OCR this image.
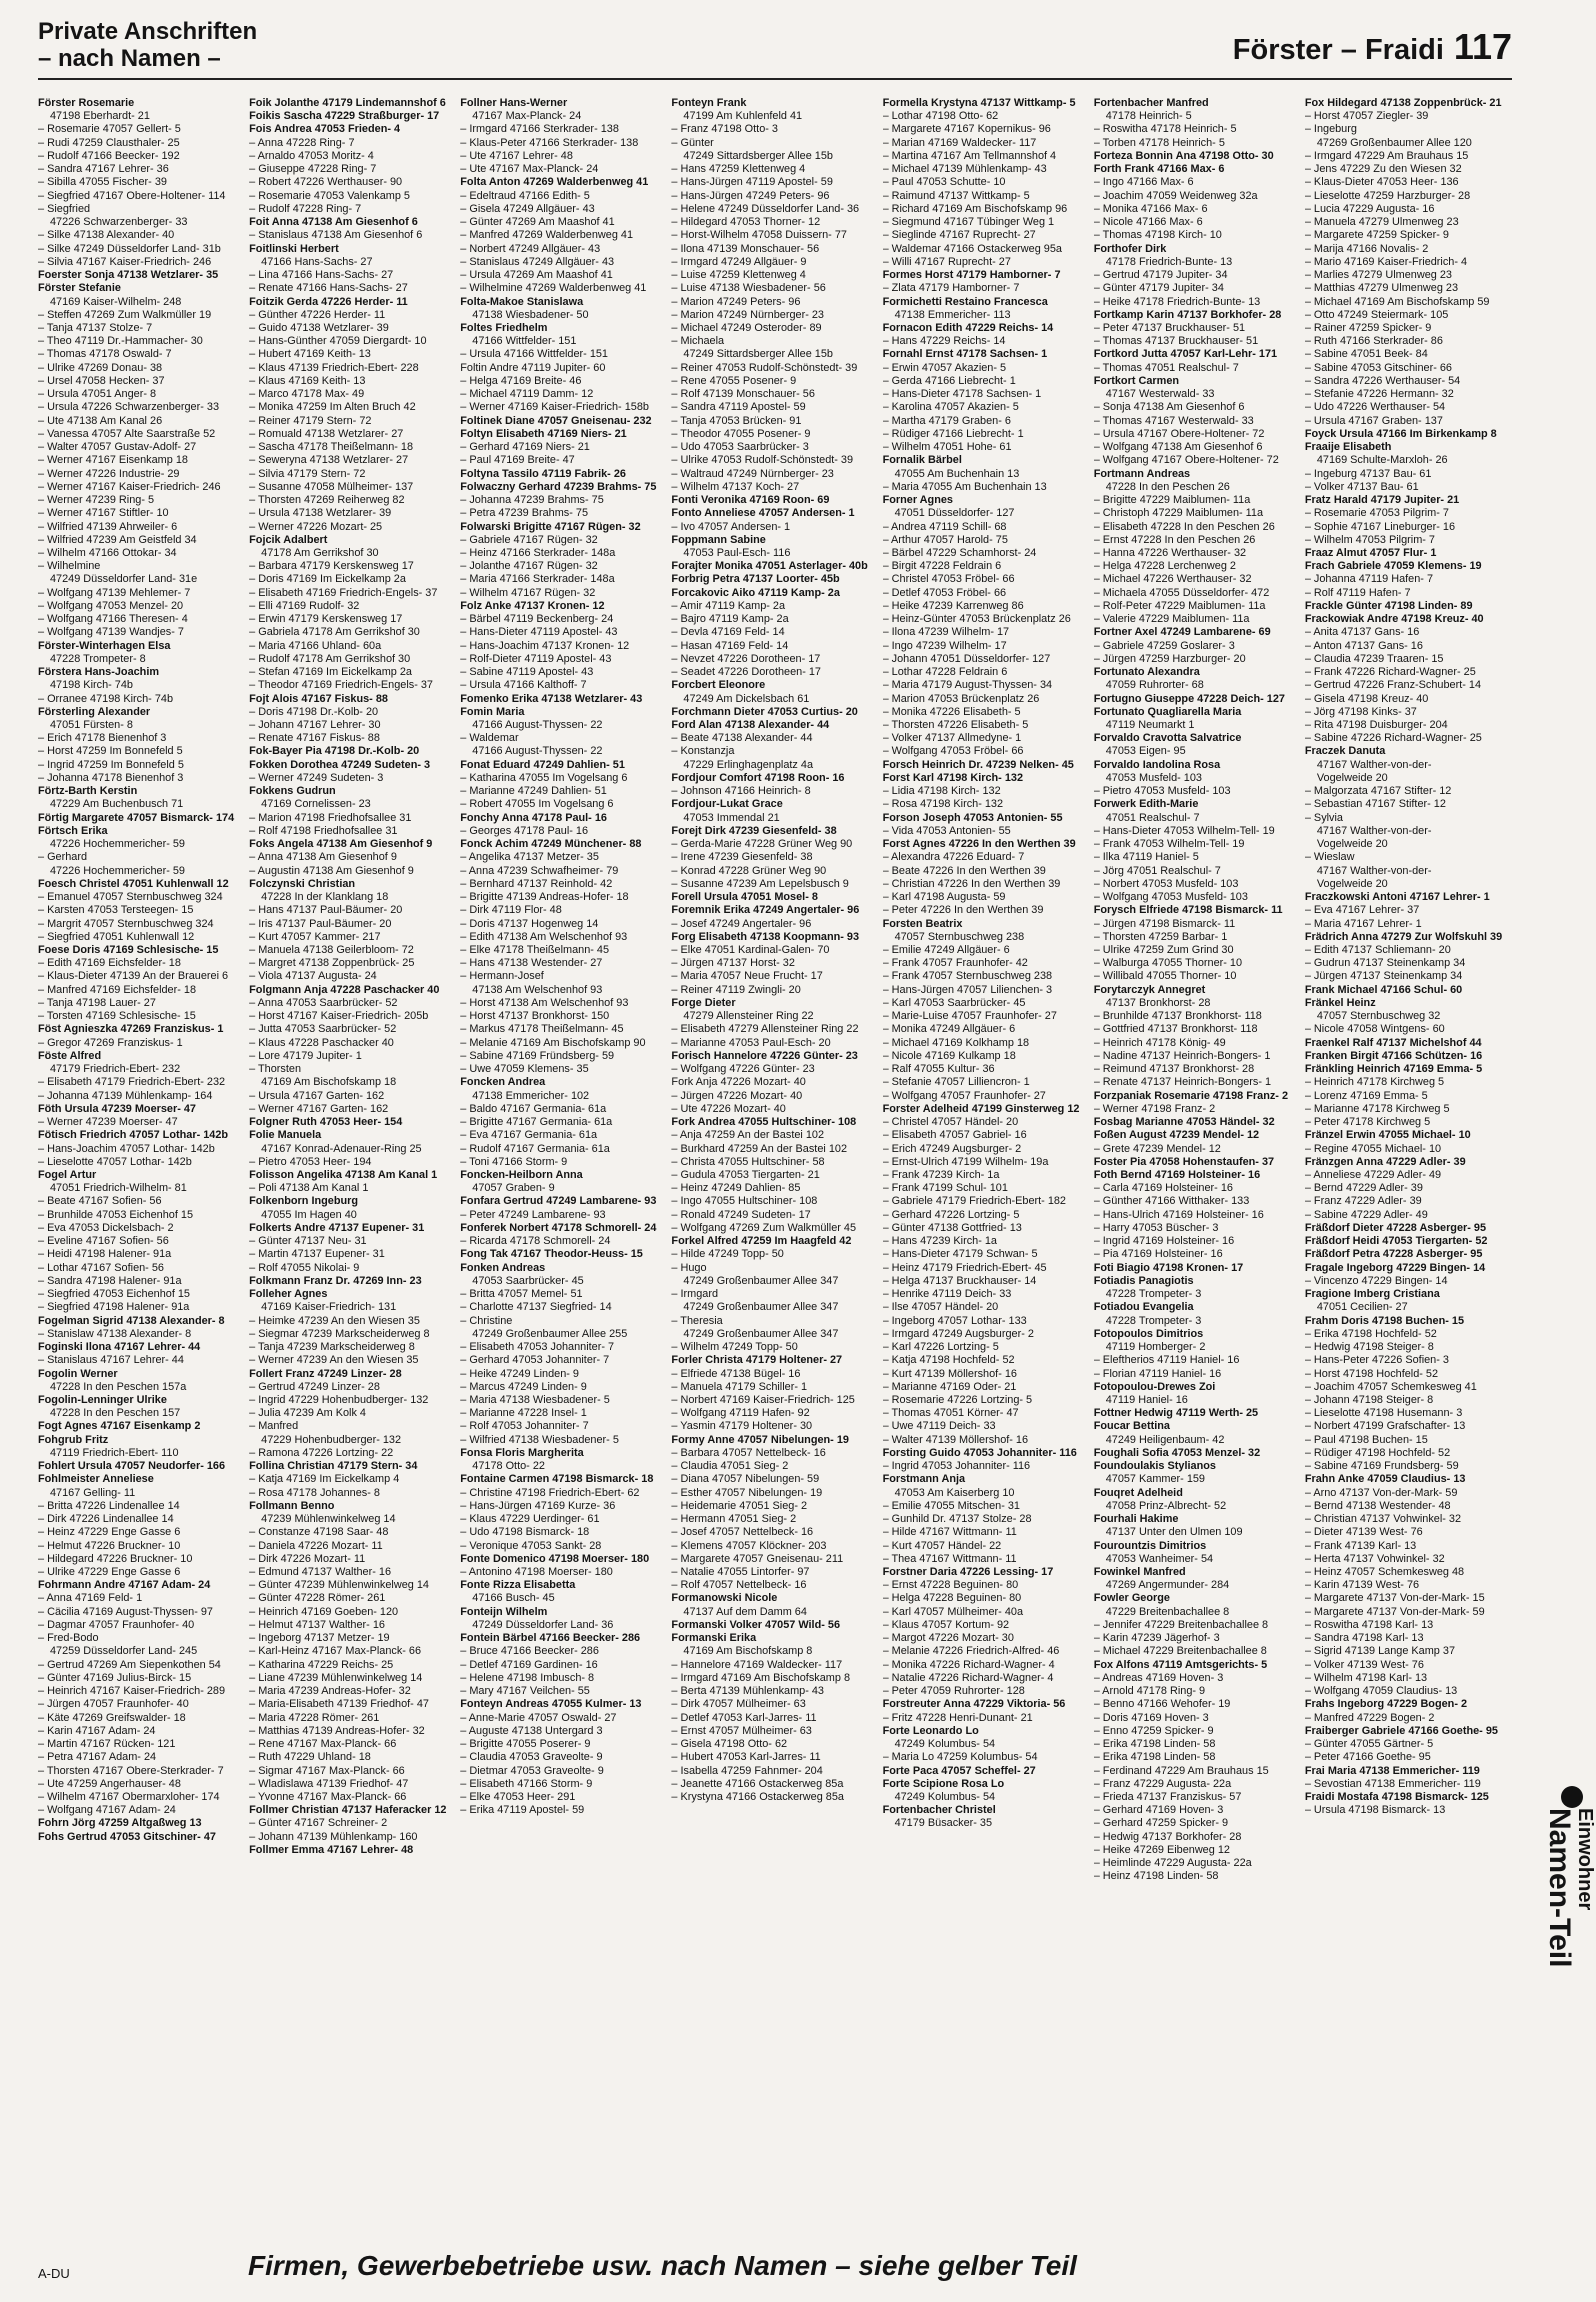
Private Anschriften
– nach Namen –	Förster – Fraidi 117
Förster Rosemarie
47198 Eberhardt- 21
– Rosemarie 47057 Gellert- 5
– Rudi 47259 Clausthaler- 25
– Rudolf 47166 Beecker- 192
– Sandra 47167 Lehrer- 36
– Sibilla 47055 Fischer- 39
– Siegfried 47167 Obere-Holtener- 114
– Siegfried
47226 Schwarzenberger- 33
– Silke 47138 Alexander- 40
– Silke 47249 Düsseldorfer Land- 31b
– Silvia 47167 Kaiser-Friedrich- 246
Foerster Sonja 47138 Wetzlarer- 35
Förster Stefanie
47169 Kaiser-Wilhelm- 248
– Steffen 47269 Zum Walkmüller 19
– Tanja 47137 Stolze- 7
– Theo 47119 Dr.-Hammacher- 30
– Thomas 47178 Oswald- 7
– Ulrike 47269 Donau- 38
– Ursel 47058 Hecken- 37
– Ursula 47051 Anger- 8
– Ursula 47226 Schwarzenberger- 33
– Ute 47138 Am Kanal 26
– Vanessa 47057 Alte Saarstraße 52
– Walter 47057 Gustav-Adolf- 27
– Werner 47167 Eisenkamp 18
– Werner 47226 Industrie- 29
– Werner 47167 Kaiser-Friedrich- 246
– Werner 47239 Ring- 5
– Werner 47167 Stiftler- 10
– Wilfried 47139 Ahrweiler- 6
– Wilfried 47239 Am Geistfeld 34
– Wilhelm 47166 Ottokar- 34
– Wilhelmine
47249 Düsseldorfer Land- 31e
– Wolfgang 47139 Mehlemer- 7
– Wolfgang 47053 Menzel- 20
– Wolfgang 47166 Theresen- 4
– Wolfgang 47139 Wandjes- 7
Förster-Winterhagen Elsa
47228 Trompeter- 8
Förstera Hans-Joachim
47198 Kirch- 74b
– Orranee 47198 Kirch- 74b
Försterling Alexander
47051 Fürsten- 8
– Erich 47178 Bienenhof 3
– Horst 47259 Im Bonnefeld 5
– Ingrid 47259 Im Bonnefeld 5
– Johanna 47178 Bienenhof 3
Förtz-Barth Kerstin
47229 Am Buchenbusch 71
Förtig Margarete 47057 Bismarck- 174
Förtsch Erika
47226 Hochemmericher- 59
– Gerhard
47226 Hochemmericher- 59
Foesch Christel 47051 Kuhlenwall 12
– Emanuel 47057 Sternbuschweg 324
– Karsten 47053 Tersteegen- 15
– Margrit 47057 Sternbuschweg 324
– Siegfried 47051 Kuhlenwall 12
Foese Doris 47169 Schlesische- 15
– Edith 47169 Eichsfelder- 18
– Klaus-Dieter 47139 An der Brauerei 6
– Manfred 47169 Eichsfelder- 18
– Tanja 47198 Lauer- 27
– Torsten 47169 Schlesische- 15
Föst Agnieszka 47269 Franziskus- 1
– Gregor 47269 Franziskus- 1
Föste Alfred
47179 Friedrich-Ebert- 232
– Elisabeth 47179 Friedrich-Ebert- 232
– Johanna 47139 Mühlenkamp- 164
Föth Ursula 47239 Moerser- 47
– Werner 47239 Moerser- 47
Fötisch Friedrich 47057 Lothar- 142b
– Hans-Joachim 47057 Lothar- 142b
– Lieselotte 47057 Lothar- 142b
Fogel Artur
47051 Friedrich-Wilhelm- 81
– Beate 47167 Sofien- 56
– Brunhilde 47053 Eichenhof 15
– Eva 47053 Dickelsbach- 2
– Eveline 47167 Sofien- 56
– Heidi 47198 Halener- 91a
– Lothar 47167 Sofien- 56
– Sandra 47198 Halener- 91a
– Siegfried 47053 Eichenhof 15
– Siegfried 47198 Halener- 91a
Fogelman Sigrid 47138 Alexander- 8
– Stanislaw 47138 Alexander- 8
Foginski Ilona 47167 Lehrer- 44
– Stanislaus 47167 Lehrer- 44
Fogolin Werner
47228 In den Peschen 157a
Fogolin-Lenninger Ulrike
47228 In den Peschen 157
Fogt Agnes 47167 Eisenkamp 2
Fohgrub Fritz
47119 Friedrich-Ebert- 110
Fohlert Ursula 47057 Neudorfer- 166
Fohlmeister Anneliese
47167 Gelling- 11
– Britta 47226 Lindenallee 14
– Dirk 47226 Lindenallee 14
– Heinz 47229 Enge Gasse 6
– Helmut 47226 Bruckner- 10
– Hildegard 47226 Bruckner- 10
– Ulrike 47229 Enge Gasse 6
Fohrmann Andre 47167 Adam- 24
– Anna 47169 Feld- 1
– Cäcilia 47169 August-Thyssen- 97
– Dagmar 47057 Fraunhofer- 40
– Fred-Bodo
47259 Düsseldorfer Land- 245
– Gertrud 47269 Am Siepenkothen 54
– Günter 47169 Julius-Birck- 15
– Heinrich 47167 Kaiser-Friedrich- 289
– Jürgen 47057 Fraunhofer- 40
– Käte 47269 Greifswalder- 18
– Karin 47167 Adam- 24
– Martin 47167 Rücken- 121
– Petra 47167 Adam- 24
– Thorsten 47167 Obere-Sterkrader- 7
– Ute 47259 Angerhauser- 48
– Wilhelm 47167 Obermarxloher- 174
– Wolfgang 47167 Adam- 24
Fohrn Jörg 47259 Altgaßweg 13
Fohs Gertrud 47053 Gitschiner- 47
Foik Jolanthe 47179 Lindemannshof 6
Foikis Sascha 47229 Straßburger- 17
Fois Andrea 47053 Frieden- 4
– Anna 47228 Ring- 7
– Arnaldo 47053 Moritz- 4
– Giuseppe 47228 Ring- 7
– Robert 47226 Werthauser- 90
– Rosemarie 47053 Valenkamp 5
– Rudolf 47228 Ring- 7
Foit Anna 47138 Am Giesenhof 6
– Stanislaus 47138 Am Giesenhof 6
Foitlinski Herbert
47166 Hans-Sachs- 27
– Lina 47166 Hans-Sachs- 27
– Renate 47166 Hans-Sachs- 27
Foitzik Gerda 47226 Herder- 11
– Günther 47226 Herder- 11
– Guido 47138 Wetzlarer- 39
– Hans-Günther 47059 Diergardt- 10
– Hubert 47169 Keith- 13
– Klaus 47139 Friedrich-Ebert- 228
– Klaus 47169 Keith- 13
– Marco 47178 Max- 49
– Monika 47259 Im Alten Bruch 42
– Reiner 47179 Stern- 72
– Romuald 47138 Wetzlarer- 27
– Sascha 47178 Theißelmann- 18
– Seweryna 47138 Wetzlarer- 27
– Silvia 47179 Stern- 72
– Susanne 47058 Mülheimer- 137
– Thorsten 47269 Reiherweg 82
– Ursula 47138 Wetzlarer- 39
– Werner 47226 Mozart- 25
Fojcik Adalbert
47178 Am Gerrikshof 30
– Barbara 47179 Kerskensweg 17
– Doris 47169 Im Eickelkamp 2a
– Elisabeth 47169 Friedrich-Engels- 37
– Elli 47169 Rudolf- 32
– Erwin 47179 Kerskensweg 17
– Gabriela 47178 Am Gerrikshof 30
– Maria 47166 Uhland- 60a
– Rudolf 47178 Am Gerrikshof 30
– Stefan 47169 Im Eickelkamp 2a
– Theodor 47169 Friedrich-Engels- 37
Fojt Alois 47167 Fiskus- 88
– Doris 47198 Dr.-Kolb- 20
– Johann 47167 Lehrer- 30
– Renate 47167 Fiskus- 88
Fok-Bayer Pia 47198 Dr.-Kolb- 20
Fokken Dorothea 47249 Sudeten- 3
– Werner 47249 Sudeten- 3
Fokkens Gudrun
47169 Cornelissen- 23
– Marion 47198 Friedhofsallee 31
– Rolf 47198 Friedhofsallee 31
Foks Angela 47138 Am Giesenhof 9
– Anna 47138 Am Giesenhof 9
– Augustin 47138 Am Giesenhof 9
Folczynski Christian
47228 In der Klanklang 18
– Hans 47137 Paul-Bäumer- 20
– Iris 47137 Paul-Bäumer- 20
– Kurt 47057 Kammer- 217
– Manuela 47138 Geilerbloom- 72
– Margret 47138 Zoppenbrück- 25
– Viola 47137 Augusta- 24
Folgmann Anja 47228 Paschacker 40
– Anna 47053 Saarbrücker- 52
– Horst 47167 Kaiser-Friedrich- 205b
– Jutta 47053 Saarbrücker- 52
– Klaus 47228 Paschacker 40
– Lore 47179 Jupiter- 1
– Thorsten
47169 Am Bischofskamp 18
– Ursula 47167 Garten- 162
– Werner 47167 Garten- 162
Folgner Ruth 47053 Heer- 154
Folie Manuela
47167 Konrad-Adenauer-Ring 25
– Pietro 47053 Heer- 194
Folisson Angelika 47138 Am Kanal 1
– Poli 47138 Am Kanal 1
Folkenborn Ingeburg
47055 Im Hagen 40
Folkerts Andre 47137 Eupener- 31
– Günter 47137 Neu- 31
– Martin 47137 Eupener- 31
– Rolf 47055 Nikolai- 9
Folkmann Franz Dr. 47269 Inn- 23
Folleher Agnes
47169 Kaiser-Friedrich- 131
– Heimke 47239 An den Wiesen 35
– Siegmar 47239 Markscheiderweg 8
– Tanja 47239 Markscheiderweg 8
– Werner 47239 An den Wiesen 35
Follert Franz 47249 Linzer- 28
– Gertrud 47249 Linzer- 28
– Ingrid 47229 Hohenbudberger- 132
– Julia 47239 Am Kolk 4
– Manfred
47229 Hohenbudberger- 132
– Ramona 47226 Lortzing- 22
Follina Christian 47179 Stern- 34
– Katja 47169 Im Eickelkamp 4
– Rosa 47178 Johannes- 8
Follmann Benno
47239 Mühlenwinkelweg 14
– Constanze 47198 Saar- 48
– Daniela 47226 Mozart- 11
– Dirk 47226 Mozart- 11
– Edmund 47137 Walther- 16
– Günter 47239 Mühlenwinkelweg 14
– Günter 47228 Römer- 261
– Heinrich 47169 Goeben- 120
– Helmut 47137 Walther- 16
– Ingeborg 47137 Metzer- 19
– Karl-Heinz 47167 Max-Planck- 66
– Katharina 47229 Reichs- 25
– Liane 47239 Mühlenwinkelweg 14
– Maria 47239 Andreas-Hofer- 32
– Maria-Elisabeth 47139 Friedhof- 47
– Maria 47228 Römer- 261
– Matthias 47139 Andreas-Hofer- 32
– Rene 47167 Max-Planck- 66
– Ruth 47229 Uhland- 18
– Sigmar 47167 Max-Planck- 66
– Wladislawa 47139 Friedhof- 47
– Yvonne 47167 Max-Planck- 66
Follmer Christian 47137 Haferacker 12
– Günter 47167 Schreiner- 2
– Johann 47139 Mühlenkamp- 160
Follmer Emma 47167 Lehrer- 48
Follner Hans-Werner
47167 Max-Planck- 24
– Irmgard 47166 Sterkrader- 138
– Klaus-Peter 47166 Sterkrader- 138
– Ute 47167 Lehrer- 48
– Ute 47167 Max-Planck- 24
Folta Anton 47269 Walderbenweg 41
– Edeltraud 47166 Edith- 5
– Gisela 47249 Allgäuer- 43
– Günter 47269 Am Maashof 41
– Manfred 47269 Walderbenweg 41
– Norbert 47249 Allgäuer- 43
– Stanislaus 47249 Allgäuer- 43
– Ursula 47269 Am Maashof 41
– Wilhelmine 47269 Walderbenweg 41
Folta-Makoe Stanislawa
47138 Wiesbadener- 50
Foltes Friedhelm
47166 Wittfelder- 151
– Ursula 47166 Wittfelder- 151
Foltin Andre 47119 Jupiter- 60
– Helga 47169 Breite- 46
– Michael 47119 Damm- 12
– Werner 47169 Kaiser-Friedrich- 158b
Foltinek Diane 47057 Gneisenau- 232
Foltyn Elisabeth 47169 Niers- 21
– Gerhard 47169 Niers- 21
– Paul 47169 Breite- 47
Foltyna Tassilo 47119 Fabrik- 26
Folwaczny Gerhard 47239 Brahms- 75
– Johanna 47239 Brahms- 75
– Petra 47239 Brahms- 75
Folwarski Brigitte 47167 Rügen- 32
– Gabriele 47167 Rügen- 32
– Heinz 47166 Sterkrader- 148a
– Jolanthe 47167 Rügen- 32
– Maria 47166 Sterkrader- 148a
– Wilhelm 47167 Rügen- 32
Folz Anke 47137 Kronen- 12
– Bärbel 47119 Beckenberg- 24
– Hans-Dieter 47119 Apostel- 43
– Hans-Joachim 47137 Kronen- 12
– Rolf-Dieter 47119 Apostel- 43
– Sabine 47119 Apostel- 43
– Ursula 47166 Kalthoff- 7
Fomenko Erika 47138 Wetzlarer- 43
Fomin Maria
47166 August-Thyssen- 22
– Waldemar
47166 August-Thyssen- 22
Fonat Eduard 47249 Dahlien- 51
– Katharina 47055 Im Vogelsang 6
– Marianne 47249 Dahlien- 51
– Robert 47055 Im Vogelsang 6
Fonchy Anna 47178 Paul- 16
– Georges 47178 Paul- 16
Fonck Achim 47249 Münchener- 88
– Angelika 47137 Metzer- 35
– Anna 47239 Schwafheimer- 79
– Bernhard 47137 Reinhold- 42
– Brigitte 47139 Andreas-Hofer- 18
– Dirk 47119 Flor- 48
– Doris 47137 Hogenweg 14
– Edith 47138 Am Welschenhof 93
– Elke 47178 Theißelmann- 45
– Hans 47138 Westender- 27
– Hermann-Josef
47138 Am Welschenhof 93
– Horst 47138 Am Welschenhof 93
– Horst 47137 Bronkhorst- 150
– Markus 47178 Theißelmann- 45
– Melanie 47169 Am Bischofskamp 90
– Sabine 47169 Fründsberg- 59
– Uwe 47059 Klemens- 35
Foncken Andrea
47138 Emmericher- 102
– Baldo 47167 Germania- 61a
– Brigitte 47167 Germania- 61a
– Eva 47167 Germania- 61a
– Rudolf 47167 Germania- 61a
– Toni 47166 Storm- 9
Foncken-Heilborn Anna
47057 Graben- 9
Fonfara Gertrud 47249 Lambarene- 93
– Peter 47249 Lambarene- 93
Fonferek Norbert 47178 Schmorell- 24
– Ricarda 47178 Schmorell- 24
Fong Tak 47167 Theodor-Heuss- 15
Fonken Andreas
47053 Saarbrücker- 45
– Britta 47057 Memel- 51
– Charlotte 47137 Siegfried- 14
– Christine
47249 Großenbaumer Allee 255
– Elisabeth 47053 Johanniter- 7
– Gerhard 47053 Johanniter- 7
– Heike 47249 Linden- 9
– Marcus 47249 Linden- 9
– Maria 47138 Wiesbadener- 5
– Marianne 47228 Insel- 1
– Rolf 47053 Johanniter- 7
– Wilfried 47138 Wiesbadener- 5
Fonsa Floris Margherita
47178 Otto- 22
Fontaine Carmen 47198 Bismarck- 18
– Christine 47198 Friedrich-Ebert- 62
– Hans-Jürgen 47169 Kurze- 36
– Klaus 47229 Uerdinger- 61
– Udo 47198 Bismarck- 18
– Veronique 47053 Sankt- 28
Fonte Domenico 47198 Moerser- 180
– Antonino 47198 Moerser- 180
Fonte Rizza Elisabetta
47166 Busch- 45
Fonteijn Wilhelm
47249 Düsseldorfer Land- 36
Fontein Bärbel 47166 Beecker- 286
– Bruce 47166 Beecker- 286
– Detlef 47169 Gardinen- 16
– Helene 47198 Imbusch- 8
– Mary 47167 Veilchen- 55
Fonteyn Andreas 47055 Kulmer- 13
– Anne-Marie 47057 Oswald- 27
– Auguste 47138 Untergard 3
– Brigitte 47055 Poserer- 9
– Claudia 47053 Graveolte- 9
– Dietmar 47053 Graveolte- 9
– Elisabeth 47166 Storm- 9
– Elke 47053 Heer- 291
– Erika 47119 Apostel- 59
Fonteyn Frank
47199 Am Kuhlenfeld 41
– Franz 47198 Otto- 3
– Günter
47249 Sittardsberger Allee 15b
– Hans 47259 Klettenweg 4
– Hans-Jürgen 47119 Apostel- 59
– Hans-Jürgen 47249 Peters- 96
– Helene 47249 Düsseldorfer Land- 36
– Hildegard 47053 Thorner- 12
– Horst-Wilhelm 47058 Duissern- 77
– Ilona 47139 Monschauer- 56
– Irmgard 47249 Allgäuer- 9
– Luise 47259 Klettenweg 4
– Luise 47138 Wiesbadener- 56
– Marion 47249 Peters- 96
– Marion 47249 Nürnberger- 23
– Michael 47249 Osteroder- 89
– Michaela
47249 Sittardsberger Allee 15b
– Reiner 47053 Rudolf-Schönstedt- 39
– Rene 47055 Posener- 9
– Rolf 47139 Monschauer- 56
– Sandra 47119 Apostel- 59
– Tanja 47053 Brücken- 91
– Theodor 47055 Posener- 9
– Udo 47053 Saarbrücker- 3
– Ulrike 47053 Rudolf-Schönstedt- 39
– Waltraud 47249 Nürnberger- 23
– Wilhelm 47137 Koch- 27
Fonti Veronika 47169 Roon- 69
Fonto Anneliese 47057 Andersen- 1
– Ivo 47057 Andersen- 1
Foppmann Sabine
47053 Paul-Esch- 116
Forajter Monika 47051 Asterlager- 40b
Forbrig Petra 47137 Loorter- 45b
Forcakovic Aiko 47119 Kamp- 2a
– Amir 47119 Kamp- 2a
– Bajro 47119 Kamp- 2a
– Devla 47169 Feld- 14
– Hasan 47169 Feld- 14
– Nevzet 47226 Dorotheen- 17
– Seadet 47226 Dorotheen- 17
Forcbert Eleonore
47249 Am Dickelsbach 61
Forchmann Dieter 47053 Curtius- 20
Ford Alan 47138 Alexander- 44
– Beate 47138 Alexander- 44
– Konstanzja
47229 Erlinghagenplatz 4a
Fordjour Comfort 47198 Roon- 16
– Johnson 47166 Heinrich- 8
Fordjour-Lukat Grace
47053 Immendal 21
Forejt Dirk 47239 Giesenfeld- 38
– Gerda-Marie 47228 Grüner Weg 90
– Irene 47239 Giesenfeld- 38
– Konrad 47228 Grüner Weg 90
– Susanne 47239 Am Lepelsbusch 9
Forell Ursula 47051 Mosel- 8
Foremnik Erika 47249 Angertaler- 96
– Josef 47249 Angertaler- 96
Forg Elisabeth 47138 Koopmann- 93
– Elke 47051 Kardinal-Galen- 70
– Jürgen 47137 Horst- 32
– Maria 47057 Neue Frucht- 17
– Reiner 47119 Zwingli- 20
Forge Dieter
47279 Allensteiner Ring 22
– Elisabeth 47279 Allensteiner Ring 22
– Marianne 47053 Paul-Esch- 20
Forisch Hannelore 47226 Günter- 23
– Wolfgang 47226 Günter- 23
Fork Anja 47226 Mozart- 40
– Jürgen 47226 Mozart- 40
– Ute 47226 Mozart- 40
Fork Andrea 47055 Hultschiner- 108
– Anja 47259 An der Bastei 102
– Burkhard 47259 An der Bastei 102
– Christa 47055 Hultschiner- 58
– Gudula 47053 Tiergarten- 21
– Heinz 47249 Dahlien- 85
– Ingo 47055 Hultschiner- 108
– Ronald 47249 Sudeten- 17
– Wolfgang 47269 Zum Walkmüller 45
Forkel Alfred 47259 Im Haagfeld 42
– Hilde 47249 Topp- 50
– Hugo
47249 Großenbaumer Allee 347
– Irmgard
47249 Großenbaumer Allee 347
– Theresia
47249 Großenbaumer Allee 347
– Wilhelm 47249 Topp- 50
Forler Christa 47179 Holtener- 27
– Elfriede 47138 Bügel- 16
– Manuela 47179 Schiller- 1
– Norbert 47169 Kaiser-Friedrich- 125
– Wolfgang 47119 Hafen- 92
– Yasmin 47179 Holtener- 30
Formy Anne 47057 Nibelungen- 19
– Barbara 47057 Nettelbeck- 16
– Claudia 47051 Sieg- 2
– Diana 47057 Nibelungen- 59
– Esther 47057 Nibelungen- 19
– Heidemarie 47051 Sieg- 2
– Hermann 47051 Sieg- 2
– Josef 47057 Nettelbeck- 16
– Klemens 47057 Klöckner- 203
– Margarete 47057 Gneisenau- 211
– Natalie 47055 Lintorfer- 97
– Rolf 47057 Nettelbeck- 16
Formanowski Nicole
47137 Auf dem Damm 64
Formanski Volker 47057 Wild- 56
Formanski Erika
47169 Am Bischofskamp 8
– Hannelore 47169 Waldecker- 117
– Irmgard 47169 Am Bischofskamp 8
– Berta 47139 Mühlenkamp- 43
– Dirk 47057 Mülheimer- 63
– Detlef 47053 Karl-Jarres- 11
– Ernst 47057 Mülheimer- 63
– Gisela 47198 Otto- 62
– Hubert 47053 Karl-Jarres- 11
– Isabella 47259 Fahnmer- 204
– Jeanette 47166 Ostackerweg 85a
– Krystyna 47166 Ostackerweg 85a
Formella Krystyna 47137 Wittkamp- 5
– Lothar 47198 Otto- 62
– Margarete 47167 Kopernikus- 96
– Marian 47169 Waldecker- 117
– Martina 47167 Am Tellmannshof 4
– Michael 47139 Mühlenkamp- 43
– Paul 47053 Schutte- 10
– Raimund 47137 Wittkamp- 5
– Richard 47169 Am Bischofskamp 96
– Siegmund 47167 Tübinger Weg 1
– Sieglinde 47167 Ruprecht- 27
– Waldemar 47166 Ostackerweg 95a
– Willi 47167 Ruprecht- 27
Formes Horst 47179 Hamborner- 7
– Zlata 47179 Hamborner- 7
Formichetti Restaino Francesca
47138 Emmericher- 113
Fornacon Edith 47229 Reichs- 14
– Hans 47229 Reichs- 14
Fornahl Ernst 47178 Sachsen- 1
– Erwin 47057 Akazien- 5
– Gerda 47166 Liebrecht- 1
– Hans-Dieter 47178 Sachsen- 1
– Karolina 47057 Akazien- 5
– Martha 47179 Graben- 6
– Rüdiger 47166 Liebrecht- 1
– Wilhelm 47051 Hohe- 61
Fornalik Bärbel
47055 Am Buchenhain 13
– Maria 47055 Am Buchenhain 13
Forner Agnes
47051 Düsseldorfer- 127
– Andrea 47119 Schill- 68
– Arthur 47057 Harold- 75
– Bärbel 47229 Schamhorst- 24
– Birgit 47228 Feldrain 6
– Christel 47053 Fröbel- 66
– Detlef 47053 Fröbel- 66
– Heike 47239 Karrenweg 86
– Heinz-Günter 47053 Brückenplatz 26
– Ilona 47239 Wilhelm- 17
– Ingo 47239 Wilhelm- 17
– Johann 47051 Düsseldorfer- 127
– Lothar 47228 Feldrain 6
– Maria 47179 August-Thyssen- 34
– Marion 47053 Brückenplatz 26
– Monika 47226 Elisabeth- 5
– Thorsten 47226 Elisabeth- 5
– Volker 47137 Allmedyne- 1
– Wolfgang 47053 Fröbel- 66
Forsch Heinrich Dr. 47239 Nelken- 45
Forst Karl 47198 Kirch- 132
– Lidia 47198 Kirch- 132
– Rosa 47198 Kirch- 132
Forson Joseph 47053 Antonien- 55
– Vida 47053 Antonien- 55
Forst Agnes 47226 In den Werthen 39
– Alexandra 47226 Eduard- 7
– Beate 47226 In den Werthen 39
– Christian 47226 In den Werthen 39
– Karl 47198 Augusta- 59
– Peter 47226 In den Werthen 39
Forsten Beatrix
47057 Sternbuschweg 238
– Emilie 47249 Allgäuer- 6
– Frank 47057 Fraunhofer- 42
– Frank 47057 Sternbuschweg 238
– Hans-Jürgen 47057 Lilienchen- 3
– Karl 47053 Saarbrücker- 45
– Marie-Luise 47057 Fraunhofer- 27
– Monika 47249 Allgäuer- 6
– Michael 47169 Kolkhamp 18
– Nicole 47169 Kulkamp 18
– Ralf 47055 Kultur- 36
– Stefanie 47057 Lilliencron- 1
– Wolfgang 47057 Fraunhofer- 27
Forster Adelheid 47199 Ginsterweg 12
– Christel 47057 Händel- 20
– Elisabeth 47057 Gabriel- 16
– Erich 47249 Augsburger- 2
– Ernst-Ulrich 47199 Wilhelm- 19a
– Frank 47239 Kirch- 1a
– Frank 47199 Schul- 101
– Gabriele 47179 Friedrich-Ebert- 182
– Gerhard 47226 Lortzing- 5
– Günter 47138 Gottfried- 13
– Hans 47239 Kirch- 1a
– Hans-Dieter 47179 Schwan- 5
– Heinz 47179 Friedrich-Ebert- 45
– Helga 47137 Bruckhauser- 14
– Henrike 47119 Deich- 33
– Ilse 47057 Händel- 20
– Ingeborg 47057 Lothar- 133
– Irmgard 47249 Augsburger- 2
– Karl 47226 Lortzing- 5
– Katja 47198 Hochfeld- 52
– Kurt 47139 Möllershof- 16
– Marianne 47169 Oder- 21
– Rosemarie 47226 Lortzing- 5
– Thomas 47051 Körner- 47
– Uwe 47119 Deich- 33
– Walter 47139 Möllershof- 16
Forsting Guido 47053 Johanniter- 116
– Ingrid 47053 Johanniter- 116
Forstmann Anja
47053 Am Kaiserberg 10
– Emilie 47055 Mitschen- 31
– Gunhild Dr. 47137 Stolze- 28
– Hilde 47167 Wittmann- 11
– Kurt 47057 Händel- 22
– Thea 47167 Wittmann- 11
Forstner Daria 47226 Lessing- 17
– Ernst 47228 Beguinen- 80
– Helga 47228 Beguinen- 80
– Karl 47057 Mülheimer- 40a
– Klaus 47057 Kortum- 92
– Margot 47226 Mozart- 30
– Melanie 47226 Friedrich-Alfred- 46
– Monika 47226 Richard-Wagner- 4
– Natalie 47226 Richard-Wagner- 4
– Peter 47059 Ruhrorter- 128
Forstreuter Anna 47229 Viktoria- 56
– Fritz 47228 Henri-Dunant- 21
Forte Leonardo Lo
47249 Kolumbus- 54
– Maria Lo 47259 Kolumbus- 54
Forte Paca 47057 Scheffel- 27
Forte Scipione Rosa Lo
47249 Kolumbus- 54
Fortenbacher Christel
47179 Büsacker- 35
Fortenbacher Manfred
47178 Heinrich- 5
– Roswitha 47178 Heinrich- 5
– Torben 47178 Heinrich- 5
Forteza Bonnin Ana 47198 Otto- 30
Forth Frank 47166 Max- 6
– Ingo 47166 Max- 6
– Joachim 47059 Weidenweg 32a
– Monika 47166 Max- 6
– Nicole 47166 Max- 6
– Thomas 47198 Kirch- 10
Forthofer Dirk
47178 Friedrich-Bunte- 13
– Gertrud 47179 Jupiter- 34
– Günter 47179 Jupiter- 34
– Heike 47178 Friedrich-Bunte- 13
Fortkamp Karin 47137 Borkhofer- 28
– Peter 47137 Bruckhauser- 51
– Thomas 47137 Bruckhauser- 51
Fortkord Jutta 47057 Karl-Lehr- 171
– Thomas 47051 Realschul- 7
Fortkort Carmen
47167 Westerwald- 33
– Sonja 47138 Am Giesenhof 6
– Thomas 47167 Westerwald- 33
– Ursula 47167 Obere-Holtener- 72
– Wolfgang 47138 Am Giesenhof 6
– Wolfgang 47167 Obere-Holtener- 72
Fortmann Andreas
47228 In den Peschen 26
– Brigitte 47229 Maiblumen- 11a
– Christoph 47229 Maiblumen- 11a
– Elisabeth 47228 In den Peschen 26
– Ernst 47228 In den Peschen 26
– Hanna 47226 Werthauser- 32
– Helga 47228 Lerchenweg 2
– Michael 47226 Werthauser- 32
– Michaela 47055 Düsseldorfer- 472
– Rolf-Peter 47229 Maiblumen- 11a
– Valerie 47229 Maiblumen- 11a
Fortner Axel 47249 Lambarene- 69
– Gabriele 47259 Goslarer- 3
– Jürgen 47259 Harzburger- 20
Fortunato Alexandra
47059 Ruhrorter- 68
Fortugno Giuseppe 47228 Deich- 127
Fortunato Quagliarella Maria
47119 Neumarkt 1
Forvaldo Cravotta Salvatrice
47053 Eigen- 95
Forvaldo Iandolina Rosa
47053 Musfeld- 103
– Pietro 47053 Musfeld- 103
Forwerk Edith-Marie
47051 Realschul- 7
– Hans-Dieter 47053 Wilhelm-Tell- 19
– Frank 47053 Wilhelm-Tell- 19
– Ilka 47119 Haniel- 5
– Jörg 47051 Realschul- 7
– Norbert 47053 Musfeld- 103
– Wolfgang 47053 Musfeld- 103
Forysch Elfriede 47198 Bismarck- 11
– Jürgen 47198 Bismarck- 11
– Thorsten 47259 Barbar- 1
– Ulrike 47259 Zum Grind 30
– Walburga 47055 Thorner- 10
– Willibald 47055 Thorner- 10
Forytarczyk Annegret
47137 Bronkhorst- 28
– Brunhilde 47137 Bronkhorst- 118
– Gottfried 47137 Bronkhorst- 118
– Heinrich 47178 König- 49
– Nadine 47137 Heinrich-Bongers- 1
– Reimund 47137 Bronkhorst- 28
– Renate 47137 Heinrich-Bongers- 1
Forzpaniak Rosemarie 47198 Franz- 2
– Werner 47198 Franz- 2
Fosbag Marianne 47053 Händel- 32
Foßen August 47239 Mendel- 12
– Grete 47239 Mendel- 12
Foster Pia 47058 Hohenstaufen- 37
Foth Bernd 47169 Holsteiner- 16
– Carla 47169 Holsteiner- 16
– Günther 47166 Witthaker- 133
– Hans-Ulrich 47169 Holsteiner- 16
– Harry 47053 Büscher- 3
– Ingrid 47169 Holsteiner- 16
– Pia 47169 Holsteiner- 16
Foti Biagio 47198 Kronen- 17
Fotiadis Panagiotis
47228 Trompeter- 3
Fotiadou Evangelia
47228 Trompeter- 3
Fotopoulos Dimitrios
47119 Homberger- 2
– Eleftherios 47119 Haniel- 16
– Florian 47119 Haniel- 16
Fotopoulou-Drewes Zoi
47119 Haniel- 16
Fottner Hedwig 47119 Werth- 25
Foucar Bettina
47249 Heiligenbaum- 42
Foughali Sofia 47053 Menzel- 32
Foundoulakis Stylianos
47057 Kammer- 159
Fouqret Adelheid
47058 Prinz-Albrecht- 52
Fourhali Hakime
47137 Unter den Ulmen 109
Fourountzis Dimitrios
47053 Wanheimer- 54
Fowinkel Manfred
47269 Angermunder- 284
Fowler George
47229 Breitenbachallee 8
– Jennifer 47229 Breitenbachallee 8
– Karin 47239 Jägerhof- 3
– Michael 47229 Breitenbachallee 8
Fox Alfons 47119 Amtsgerichts- 5
– Andreas 47169 Hoven- 3
– Arnold 47178 Ring- 9
– Benno 47166 Wehofer- 19
– Doris 47169 Hoven- 3
– Enno 47259 Spicker- 9
– Erika 47198 Linden- 58
– Erika 47198 Linden- 58
– Ferdinand 47229 Am Brauhaus 15
– Franz 47229 Augusta- 22a
– Frieda 47137 Franziskus- 57
– Gerhard 47169 Hoven- 3
– Gerhard 47259 Spicker- 9
– Hedwig 47137 Borkhofer- 28
– Heike 47269 Eibenweg 12
– Heimlinde 47229 Augusta- 22a
– Heinz 47198 Linden- 58
Fox Hildegard 47138 Zoppenbrück- 21
– Horst 47057 Ziegler- 39
– Ingeburg
47269 Großenbaumer Allee 120
– Irmgard 47229 Am Brauhaus 15
– Jens 47229 Zu den Wiesen 32
– Klaus-Dieter 47053 Heer- 136
– Lieselotte 47259 Harzburger- 28
– Lucia 47229 Augusta- 16
– Manuela 47279 Ulmenweg 23
– Margarete 47259 Spicker- 9
– Marija 47166 Novalis- 2
– Mario 47169 Kaiser-Friedrich- 4
– Marlies 47279 Ulmenweg 23
– Matthias 47279 Ulmenweg 23
– Michael 47169 Am Bischofskamp 59
– Otto 47249 Steiermark- 105
– Rainer 47259 Spicker- 9
– Ruth 47166 Sterkrader- 86
– Sabine 47051 Beek- 84
– Sabine 47053 Gitschiner- 66
– Sandra 47226 Werthauser- 54
– Stefanie 47226 Hermann- 32
– Udo 47226 Werthauser- 54
– Ursula 47167 Graben- 137
Foyck Ursula 47166 Im Birkenkamp 8
Fraaije Elisabeth
47169 Schulte-Marxloh- 26
– Ingeburg 47137 Bau- 61
– Volker 47137 Bau- 61
Fratz Harald 47179 Jupiter- 21
– Rosemarie 47053 Pilgrim- 7
– Sophie 47167 Lineburger- 16
– Wilhelm 47053 Pilgrim- 7
Fraaz Almut 47057 Flur- 1
Frach Gabriele 47059 Klemens- 19
– Johanna 47119 Hafen- 7
– Rolf 47119 Hafen- 7
Frackle Günter 47198 Linden- 89
Frackowiak Andre 47198 Kreuz- 40
– Anita 47137 Gans- 16
– Anton 47137 Gans- 16
– Claudia 47239 Traaren- 15
– Frank 47226 Richard-Wagner- 25
– Gertrud 47226 Franz-Schubert- 14
– Gisela 47198 Kreuz- 40
– Jörg 47198 Kinks- 37
– Rita 47198 Duisburger- 204
– Sabine 47226 Richard-Wagner- 25
Fraczek Danuta
47167 Walther-von-der-
Vogelweide 20
– Malgorzata 47167 Stifter- 12
– Sebastian 47167 Stifter- 12
– Sylvia
47167 Walther-von-der-
Vogelweide 20
– Wieslaw
47167 Walther-von-der-
Vogelweide 20
Fraczkowski Antoni 47167 Lehrer- 1
– Eva 47167 Lehrer- 37
– Maria 47167 Lehrer- 1
Frädrich Anna 47279 Zur Wolfskuhl 39
– Edith 47137 Schliemann- 20
– Gudrun 47137 Steinenkamp 34
– Jürgen 47137 Steinenkamp 34
Frank Michael 47166 Schul- 60
Fränkel Heinz
47057 Sternbuschweg 32
– Nicole 47058 Wintgens- 60
Fraenkel Ralf 47137 Michelshof 44
Franken Birgit 47166 Schützen- 16
Fränkling Heinrich 47169 Emma- 5
– Heinrich 47178 Kirchweg 5
– Lorenz 47169 Emma- 5
– Marianne 47178 Kirchweg 5
– Peter 47178 Kirchweg 5
Fränzel Erwin 47055 Michael- 10
– Regine 47055 Michael- 10
Fränzgen Anna 47229 Adler- 39
– Anneliese 47229 Adler- 49
– Bernd 47229 Adler- 39
– Franz 47229 Adler- 39
– Sabine 47229 Adler- 49
Fräßdorf Dieter 47228 Asberger- 95
Fräßdorf Heidi 47053 Tiergarten- 52
Fräßdorf Petra 47228 Asberger- 95
Fragale Ingeborg 47229 Bingen- 14
– Vincenzo 47229 Bingen- 14
Fragione Imberg Cristiana
47051 Cecilien- 27
Frahm Doris 47198 Buchen- 15
– Erika 47198 Hochfeld- 52
– Hedwig 47198 Steiger- 8
– Hans-Peter 47226 Sofien- 3
– Horst 47198 Hochfeld- 52
– Joachim 47057 Schemkesweg 41
– Johann 47198 Steiger- 8
– Lieselotte 47198 Husemann- 3
– Norbert 47199 Grafschafter- 13
– Paul 47198 Buchen- 15
– Rüdiger 47198 Hochfeld- 52
– Sabine 47169 Frundsberg- 59
Frahn Anke 47059 Claudius- 13
– Arno 47137 Von-der-Mark- 59
– Bernd 47138 Westender- 48
– Christian 47137 Vohwinkel- 32
– Dieter 47139 West- 76
– Frank 47139 Karl- 13
– Herta 47137 Vohwinkel- 32
– Heinz 47057 Schemkesweg 48
– Karin 47139 West- 76
– Margarete 47137 Von-der-Mark- 15
– Margarete 47137 Von-der-Mark- 59
– Roswitha 47198 Karl- 13
– Sandra 47198 Karl- 13
– Sigrid 47139 Lange Kamp 37
– Volker 47139 West- 76
– Wilhelm 47198 Karl- 13
– Wolfgang 47059 Claudius- 13
Frahs Ingeborg 47229 Bogen- 2
– Manfred 47229 Bogen- 2
Fraiberger Gabriele 47166 Goethe- 95
– Günter 47055 Gärtner- 5
– Peter 47166 Goethe- 95
Frai Maria 47138 Emmericher- 119
– Sevostian 47138 Emmericher- 119
Fraidi Mostafa 47198 Bismarck- 125
– Ursula 47198 Bismarck- 13	Einwohner
Namen-Teil
A-DU	Firmen, Gewerbebetriebe usw. nach Namen – siehe gelber Teil
